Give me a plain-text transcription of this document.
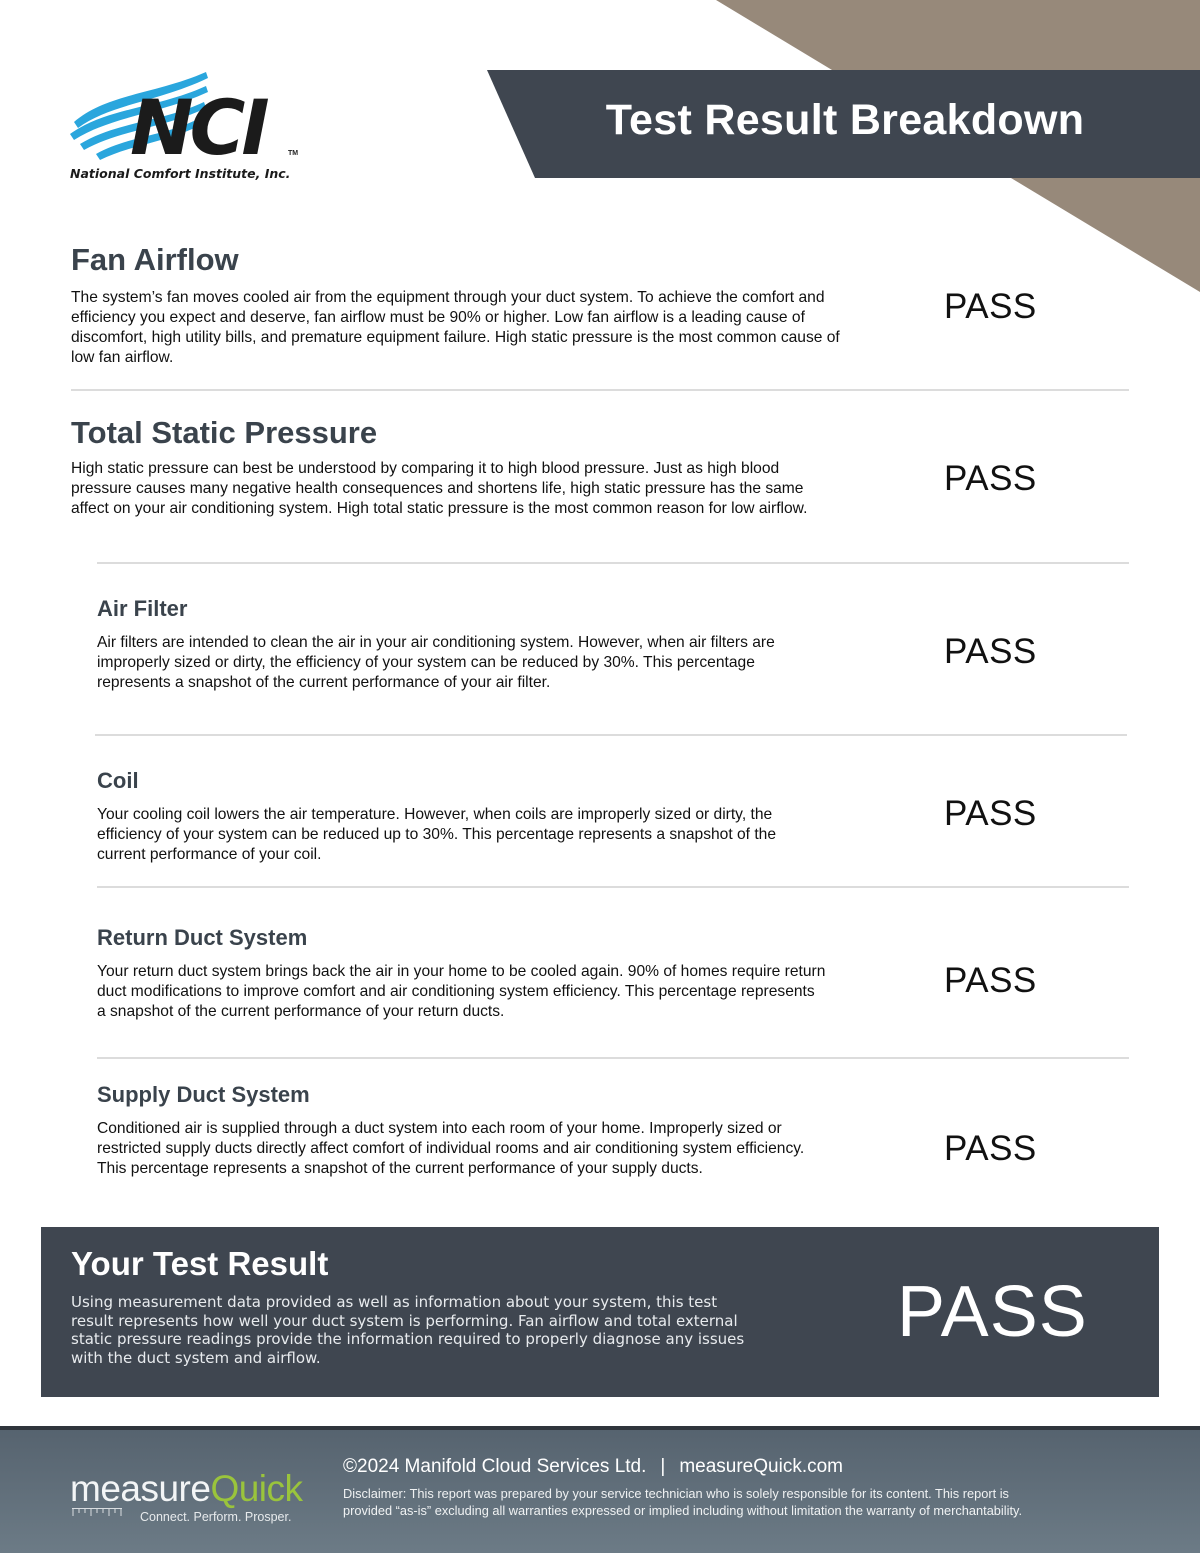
NCI	TM
National Comfort Institute, Inc.
Test Result Breakdown
Fan Airflow

The system’s fan moves cooled air from the equipment through your duct system. To achieve the comfort and efficiency you expect and deserve, fan airflow must be 90% or higher. Low fan airflow is a leading cause of discomfort, high utility bills, and premature equipment failure. High static pressure is the most common cause of low fan airflow.

PASS
Total Static Pressure

High static pressure can best be understood by comparing it to high blood pressure. Just as high blood pressure causes many negative health consequences and shortens life, high static pressure has the same affect on your air conditioning system. High total static pressure is the most common reason for low airflow.

PASS
Air Filter

Air filters are intended to clean the air in your air conditioning system. However, when air filters are improperly sized or dirty, the efficiency of your system can be reduced by 30%. This percentage represents a snapshot of the current performance of your air filter.

PASS
Coil

Your cooling coil lowers the air temperature. However, when coils are improperly sized or dirty, the efficiency of your system can be reduced up to 30%. This percentage represents a snapshot of the current performance of your coil.

PASS
Return Duct System

Your return duct system brings back the air in your home to be cooled again. 90% of homes require return duct modifications to improve comfort and air conditioning system efficiency. This percentage represents a snapshot of the current performance of your return ducts.

PASS
Supply Duct System

Conditioned air is supplied through a duct system into each room of your home. Improperly sized or restricted supply ducts directly affect comfort of individual rooms and air conditioning system efficiency. This percentage represents a snapshot of the current performance of your supply ducts.

PASS
Your Test Result

Using measurement data provided as well as information about your system, this test result represents how well your duct system is performing. Fan airflow and total external static pressure readings provide the information required to properly diagnose any issues with the duct system and airflow.

PASS
measureQuick
Connect. Perform. Prosper.
©2024 Manifold Cloud Services Ltd. | measureQuick.com
Disclaimer: This report was prepared by your service technician who is solely responsible for its content. This report is provided “as-is” excluding all warranties expressed or implied including without limitation the warranty of merchantability.
